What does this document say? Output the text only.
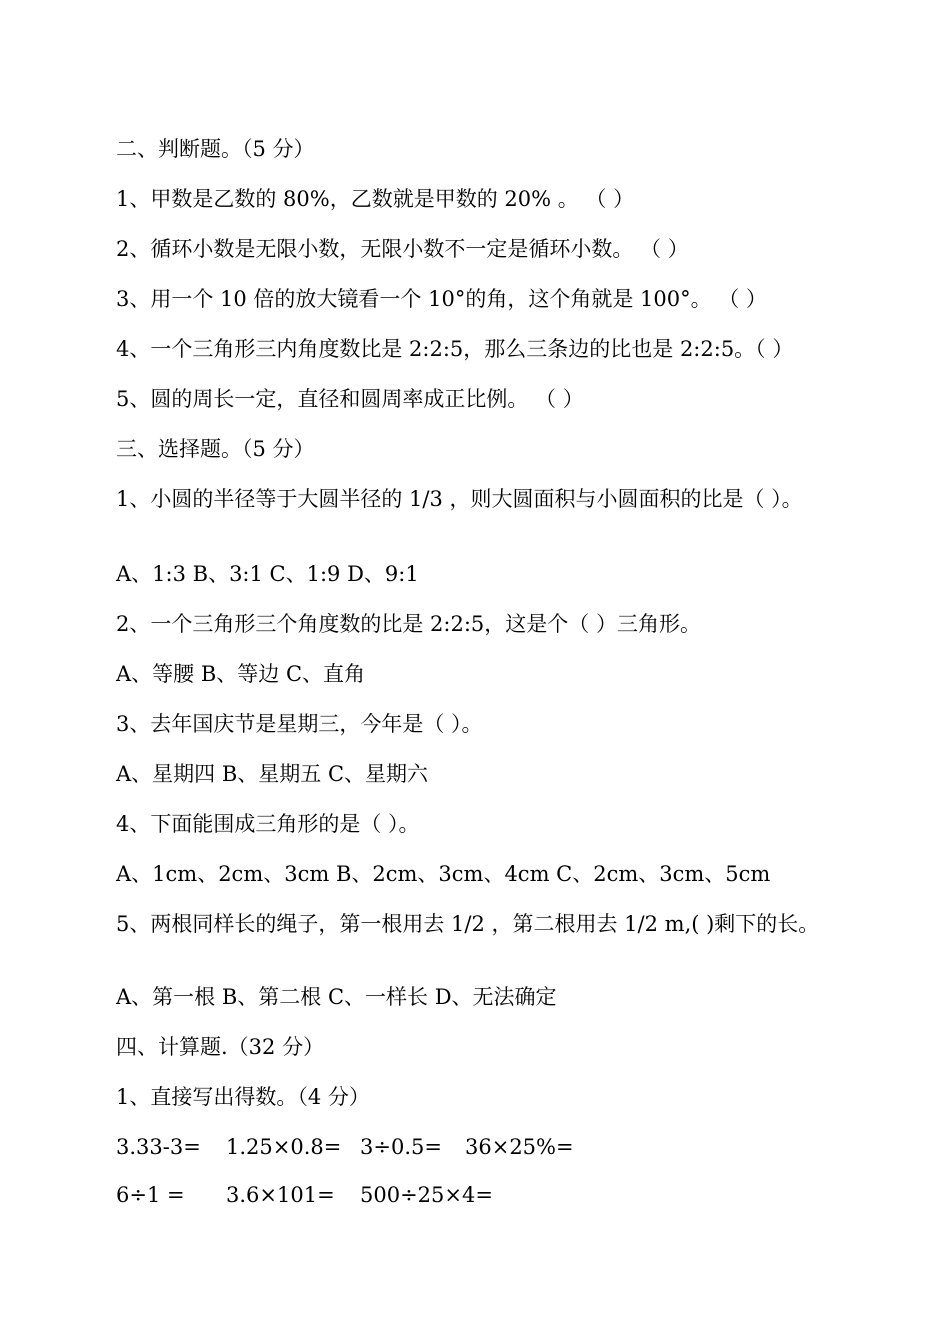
二、判断题。（5 分）
1、甲数是乙数的 80%，乙数就是甲数的 20% 。 （ ）
2、循环小数是无限小数，无限小数不一定是循环小数。 （ ）
3、用一个 10 倍的放大镜看一个 10°的角，这个角就是 100°。 （ ）
4、一个三角形三内角度数比是 2:2:5，那么三条边的比也是 2:2:5。（ ）
5、圆的周长一定，直径和圆周率成正比例。 （ ）
三、选择题。（5 分）
1、小圆的半径等于大圆半径的 1/3 ，则大圆面积与小圆面积的比是（ ）。
A、1:3 B、3:1 C、1:9 D、9:1
2、一个三角形三个角度数的比是 2:2:5，这是个（ ）三角形。
A、等腰 B、等边 C、直角
3、去年国庆节是星期三，今年是（ ）。
A、星期四 B、星期五 C、星期六
4、下面能围成三角形的是（ ）。
A、1cm、2cm、3cm B、2cm、3cm、4cm C、2cm、3cm、5cm
5、两根同样长的绳子，第一根用去 1/2 ，第二根用去 1/2 m,( )剩下的长。
A、第一根 B、第二根 C、一样长 D、无法确定
四、计算题.（32 分）
1、直接写出得数。（4 分）
3.33-3= 1.25×0.8= 3÷0.5= 36×25%=
6÷1 = 3.6×101= 500÷25×4=
